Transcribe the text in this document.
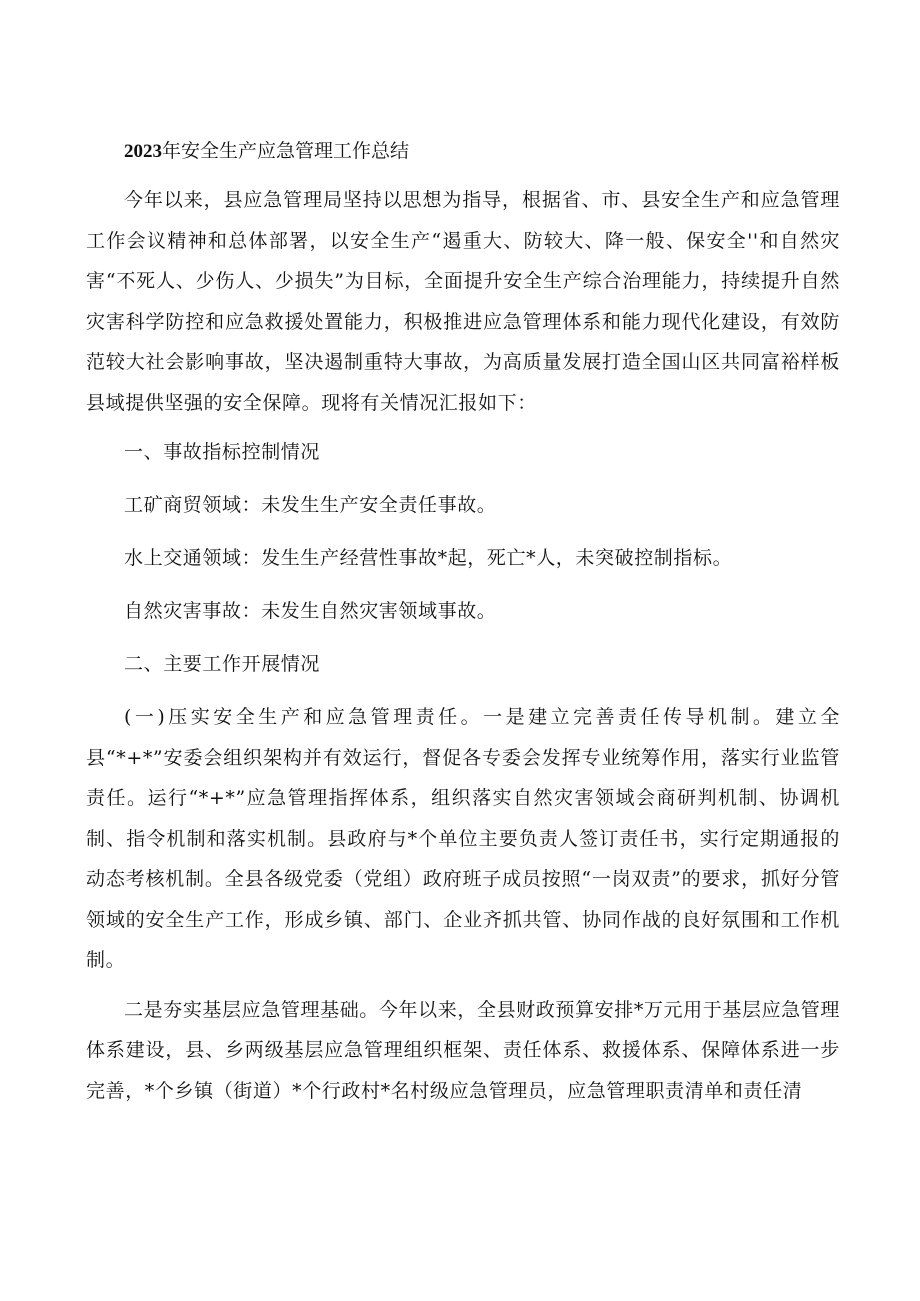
2023年安全生产应急管理工作总结

今年以来，县应急管理局坚持以思想为指导，根据省、市、县安全生产和应急管理工作会议精神和总体部署，以安全生产“遏重大、防较大、降一般、保安全''和自然灾害“不死人、少伤人、少损失”为目标，全面提升安全生产综合治理能力，持续提升自然灾害科学防控和应急救援处置能力，积极推进应急管理体系和能力现代化建设，有效防范较大社会影响事故，坚决遏制重特大事故，为高质量发展打造全国山区共同富裕样板县域提供坚强的安全保障。现将有关情况汇报如下：

一、事故指标控制情况
工矿商贸领域：未发生生产安全责任事故。
水上交通领域：发生生产经营性事故*起，死亡*人，未突破控制指标。
自然灾害事故：未发生自然灾害领域事故。
二、主要工作开展情况

(一)压实安全生产和应急管理责任。一是建立完善责任传导机制。建立全县“*+*”安委会组织架构并有效运行，督促各专委会发挥专业统筹作用，落实行业监管责任。运行“*+*”应急管理指挥体系，组织落实自然灾害领域会商研判机制、协调机制、指令机制和落实机制。县政府与*个单位主要负责人签订责任书，实行定期通报的动态考核机制。全县各级党委（党组）政府班子成员按照“一岗双责”的要求，抓好分管领域的安全生产工作，形成乡镇、部门、企业齐抓共管、协同作战的良好氛围和工作机制。

二是夯实基层应急管理基础。今年以来，全县财政预算安排*万元用于基层应急管理体系建设，县、乡两级基层应急管理组织框架、责任体系、救援体系、保障体系进一步完善，*个乡镇（街道）*个行政村*名村级应急管理员，应急管理职责清单和责任清
